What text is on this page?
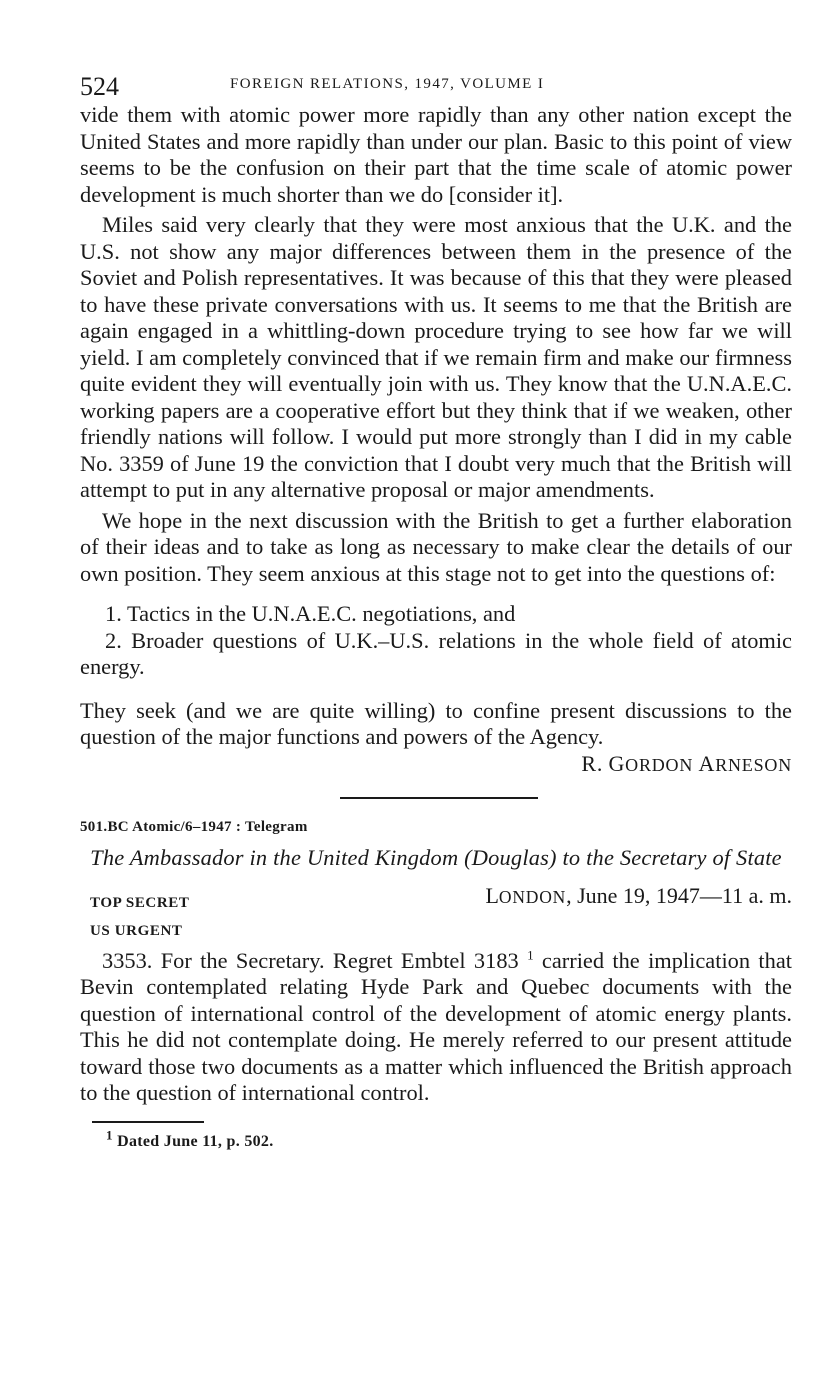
524	FOREIGN RELATIONS, 1947, VOLUME I

vide them with atomic power more rapidly than any other nation except the United States and more rapidly than under our plan. Basic to this point of view seems to be the confusion on their part that the time scale of atomic power development is much shorter than we do [consider it].

Miles said very clearly that they were most anxious that the U.K. and the U.S. not show any major differences between them in the presence of the Soviet and Polish representatives. It was because of this that they were pleased to have these private conversations with us. It seems to me that the British are again engaged in a whittling-down procedure trying to see how far we will yield. I am completely convinced that if we remain firm and make our firmness quite evident they will eventually join with us. They know that the U.N.A.E.C. working papers are a cooperative effort but they think that if we weaken, other friendly nations will follow. I would put more strongly than I did in my cable No. 3359 of June 19 the conviction that I doubt very much that the British will attempt to put in any alternative proposal or major amendments.

We hope in the next discussion with the British to get a further elaboration of their ideas and to take as long as necessary to make clear the details of our own position. They seem anxious at this stage not to get into the questions of:

1. Tactics in the U.N.A.E.C. negotiations, and

2. Broader questions of U.K.–U.S. relations in the whole field of atomic energy.

They seek (and we are quite willing) to confine present discussions to the question of the major functions and powers of the Agency.

R. GORDON ARNESON
501.BC Atomic/6–1947 : Telegram
The Ambassador in the United Kingdom (Douglas) to the Secretary of State
TOP SECRET	LONDON, June 19, 1947—11 a. m.
US URGENT

3353. For the Secretary. Regret Embtel 3183 $^1$ carried the implication that Bevin contemplated relating Hyde Park and Quebec documents with the question of international control of the development of atomic energy plants. This he did not contemplate doing. He merely referred to our present attitude toward those two documents as a matter which influenced the British approach to the question of international control.

$^1$ Dated June 11, p. 502.
